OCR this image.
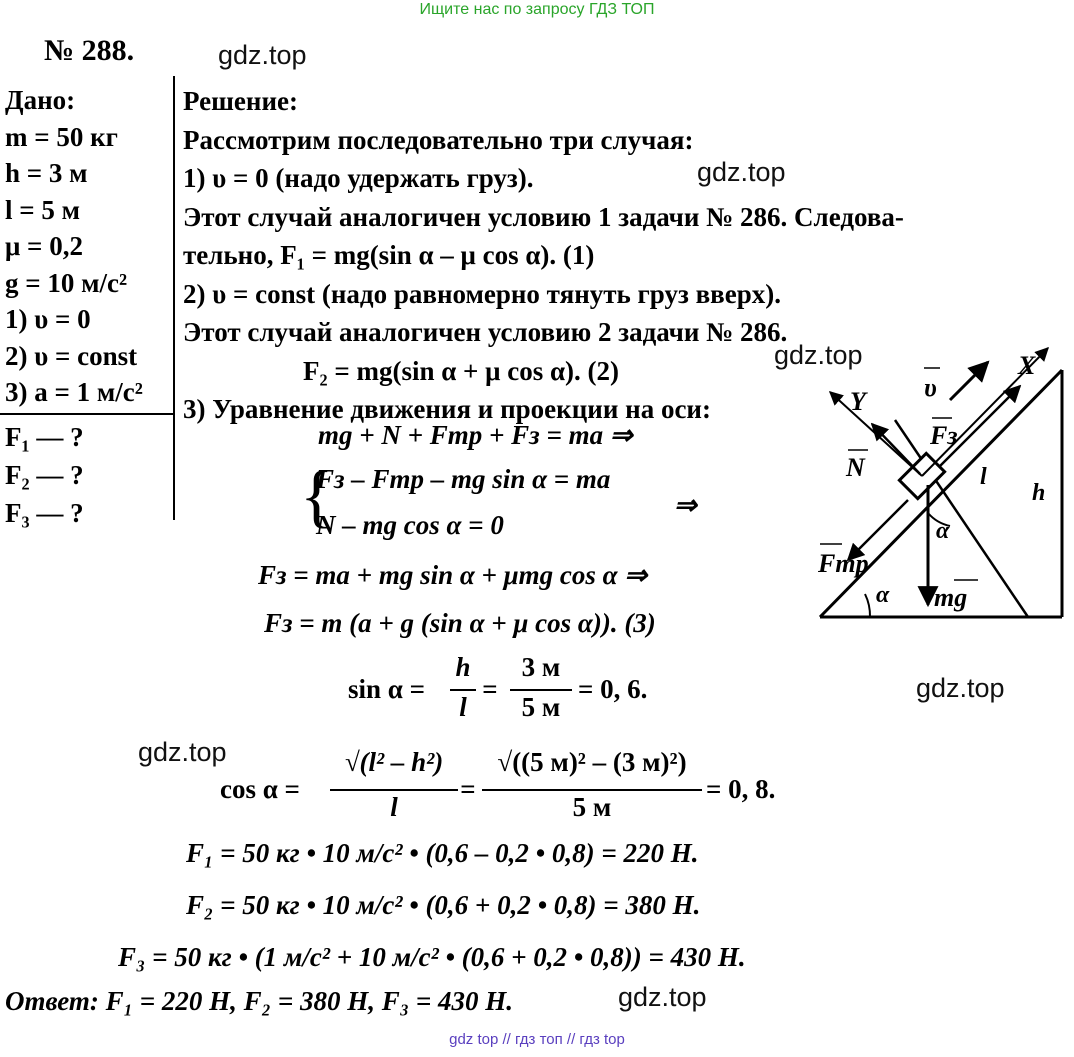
Ищите нас по запросу ГДЗ ТОП
№ 288.	gdz.top
gdz.top
gdz.top
gdz.top
gdz.top
gdz.top
Дано:
m = 50 кг
h = 3 м
l = 5 м
μ = 0,2
g = 10 м/с²
1) υ = 0
2) υ = const
3) a = 1 м/с²
F₁ — ?
F₂ — ?
F₃ — ?
Решение:
Рассмотрим последовательно три случая:
1) υ = 0 (надо удержать груз).
Этот случай аналогичен условию 1 задачи № 286. Следова-
тельно, F₁ = mg(sin α – μ cos α). (1)
2) υ = const (надо равномерно тянуть груз вверх).
Этот случай аналогичен условию 2 задачи № 286.
F₂ = mg(sin α + μ cos α). (2)
3) Уравнение движения и проекции на оси:
mg + N + Fтр + Fз = ma ⇒
{
Fз – Fтр – mg sin α = ma
N – mg cos α = 0
⇒
Fз = ma + mg sin α + μmg cos α ⇒
Fз = m (a + g (sin α + μ cos α)). (3)
sin α =
h
l
=
3 м
5 м
= 0, 6.
cos α =
√(l² – h²)
l
=
√((5 м)² – (3 м)²)
5 м
= 0, 8.
F₁ = 50 кг • 10 м/с² • (0,6 – 0,2 • 0,8) = 220 Н.
F₂ = 50 кг • 10 м/с² • (0,6 + 0,2 • 0,8) = 380 Н.
F₃ = 50 кг • (1 м/с² + 10 м/с² • (0,6 + 0,2 • 0,8)) = 430 Н.
Ответ: F₁ = 220 Н, F₂ = 380 Н, F₃ = 430 Н.
υ
X
Y
N
Fз
l
h
α
α
Fтр
mg
gdz top // гдз топ // гдз top
